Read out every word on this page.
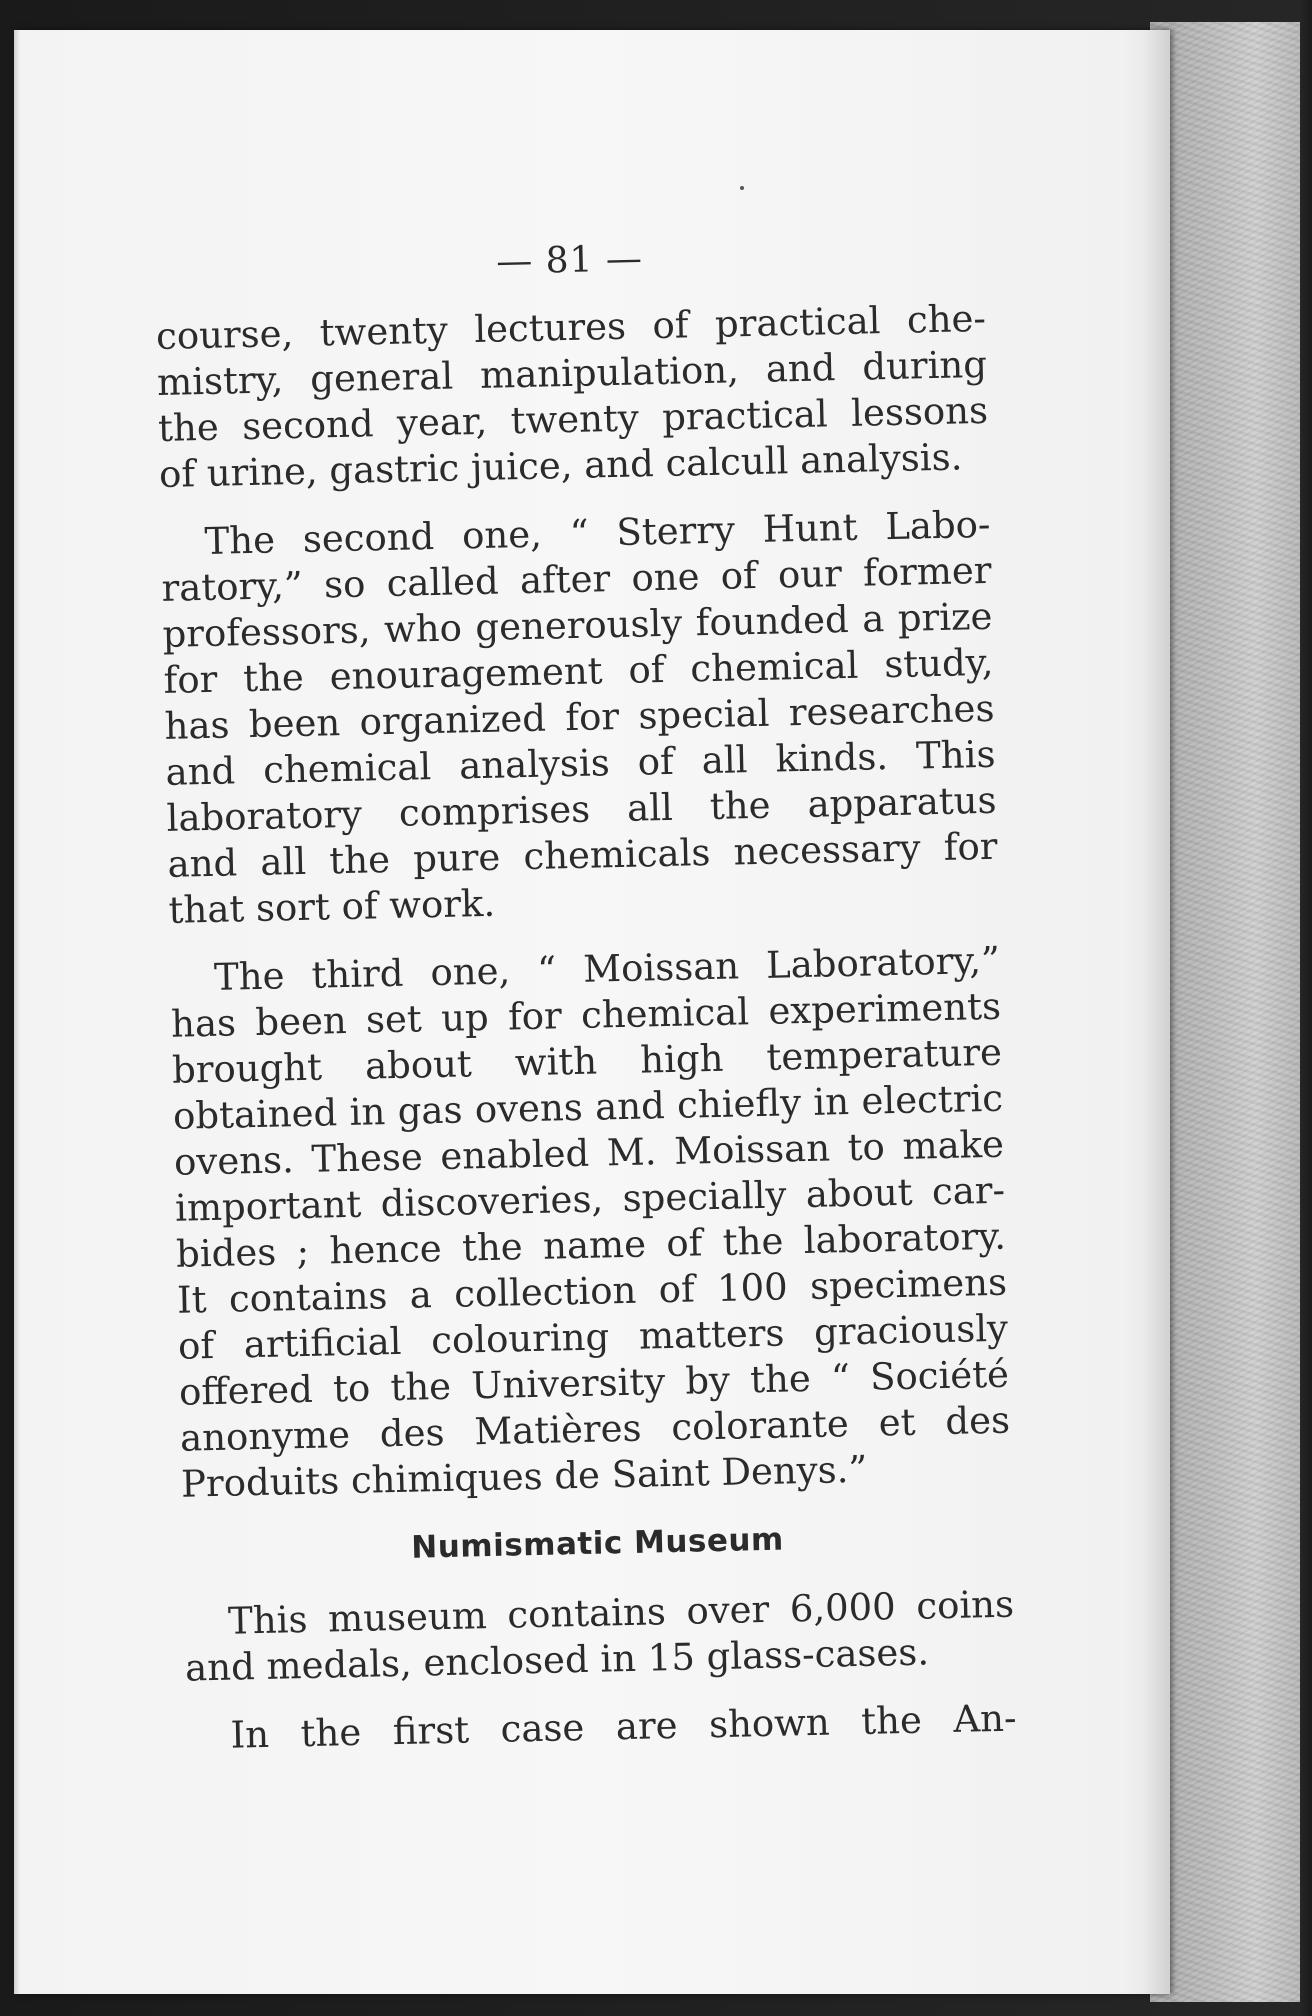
— 81 —
course, twenty lectures of practical che-
mistry, general manipulation, and during
the second year, twenty practical lessons
of urine, gastric juice, and calcull analysis.
The second one, “ Sterry Hunt Labo-
ratory,” so called after one of our former
professors, who generously founded a prize
for the enouragement of chemical study,
has been organized for special researches
and chemical analysis of all kinds. This
laboratory comprises all the apparatus
and all the pure chemicals necessary for
that sort of work.
The third one, “ Moissan Laboratory,”
has been set up for chemical experiments
brought about with high temperature
obtained in gas ovens and chiefly in electric
ovens. These enabled M. Moissan to make
important discoveries, specially about car-
bides ; hence the name of the laboratory.
It contains a collection of 100 specimens
of artificial colouring matters graciously
offered to the University by the “ Société
anonyme des Matières colorante et des
Produits chimiques de Saint Denys.”
Numismatic Museum
This museum contains over 6,000 coins
and medals, enclosed in 15 glass-cases.
In the first case are shown the An-
